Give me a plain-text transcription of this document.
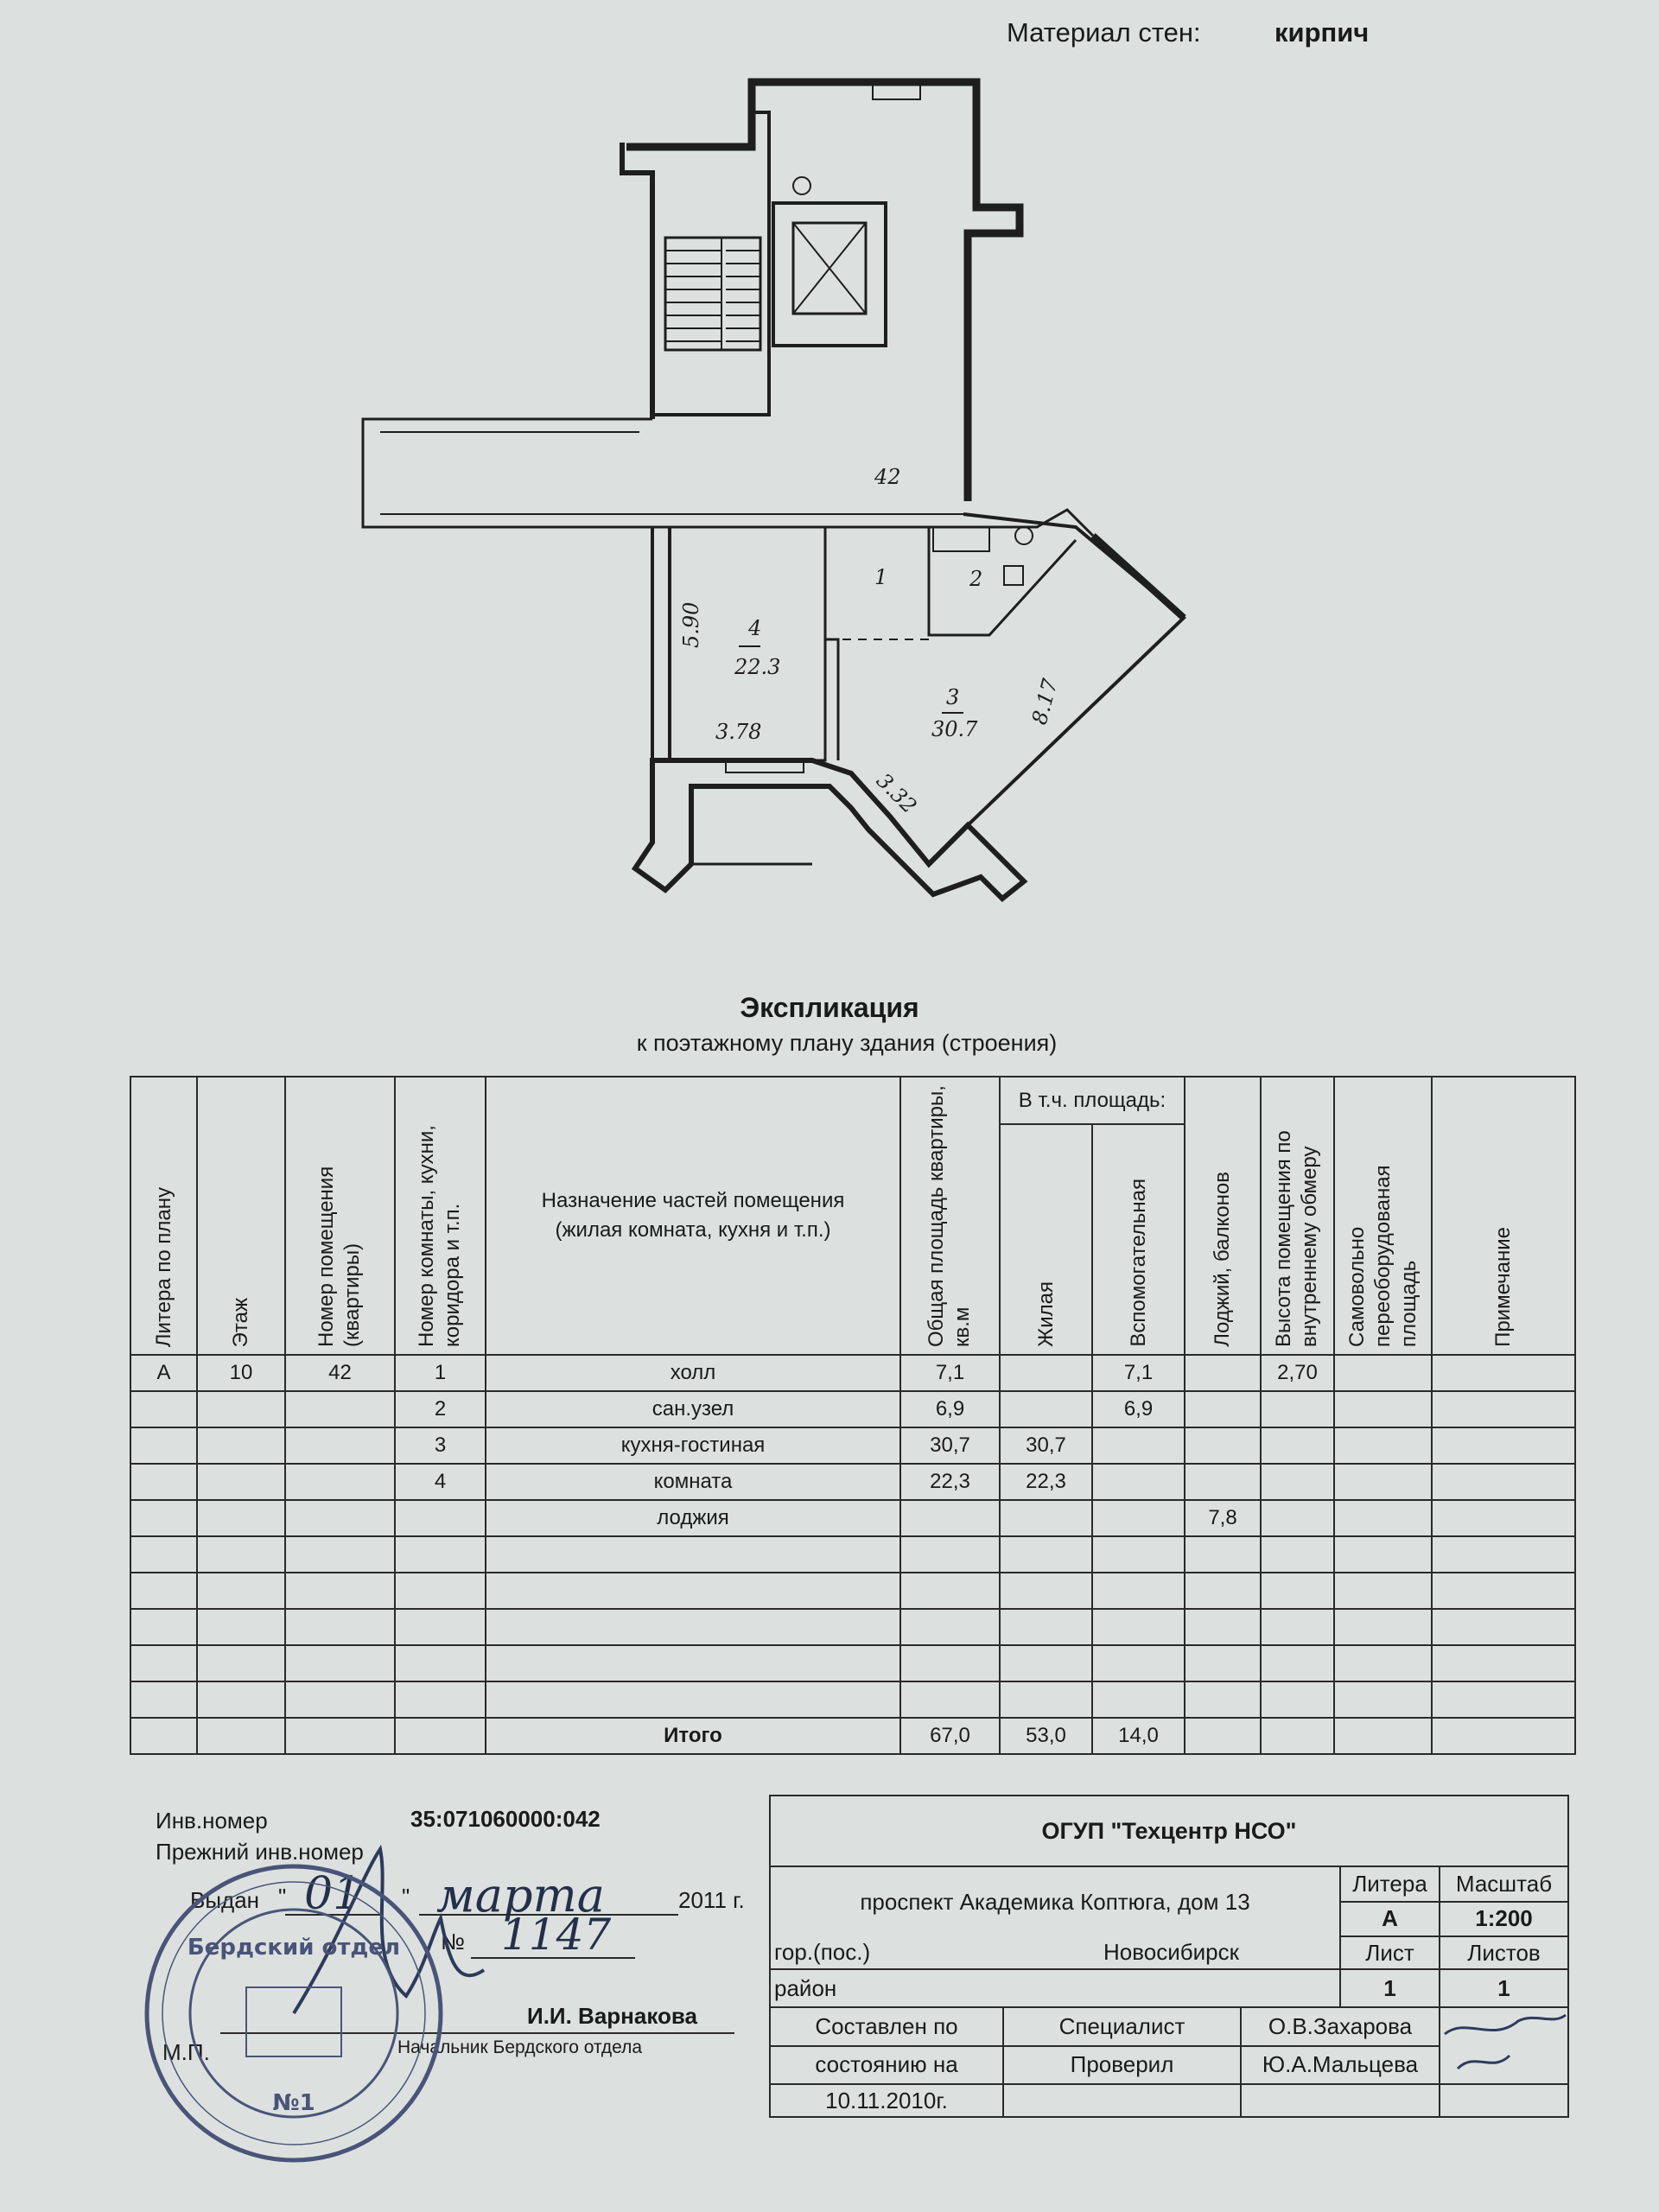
Материал стен:	кирпич
42
1	2
4
22.3
3
30.7
5.90
3.78
8.17
3.32
Экспликация
к поэтажному плану здания (строения)
Литера по плану	Этаж	Номер помещения (квартиры)	Номер комнаты, кухни, коридора и т.п.	Назначение частей помещения (жилая комната, кухня и т.п.)	Общая площадь квартиры, кв.м	В т.ч. площадь:		Лоджий, балконов	Высота помещения по внутреннему обмеру	Самовольно переоборудованая площадь	Примечание

						Жилая	Вспомогательная				

А	10	42	1	холл	7,1		7,1		2,70		
			2	сан.узел	6,9		6,9				
			3	кухня-гостиная	30,7	30,7					
			4	комната	22,3	22,3					
				лоджия				7,8			

				Итого	67,0	53,0	14,0				
Инв.номер	35:071060000:042
Прежний инв.номер
Выдан " 01 " марта	2011 г.
№ 1147
М.П.
И.И. Варнакова
Начальник Бердского отдела
Бердский отдел
№1
ОГУП "Техцентр НСО"				
проспект Академика Коптюга, дом 13			Литера	Масштаб
			А	1:200
гор.(пос.)	Новосибирск		Лист	Листов
район			1	1
Составлен по	Специалист	О.В.Захарова	
состоянию на	Проверил	Ю.А.Мальцева		
10.11.2010г.				
